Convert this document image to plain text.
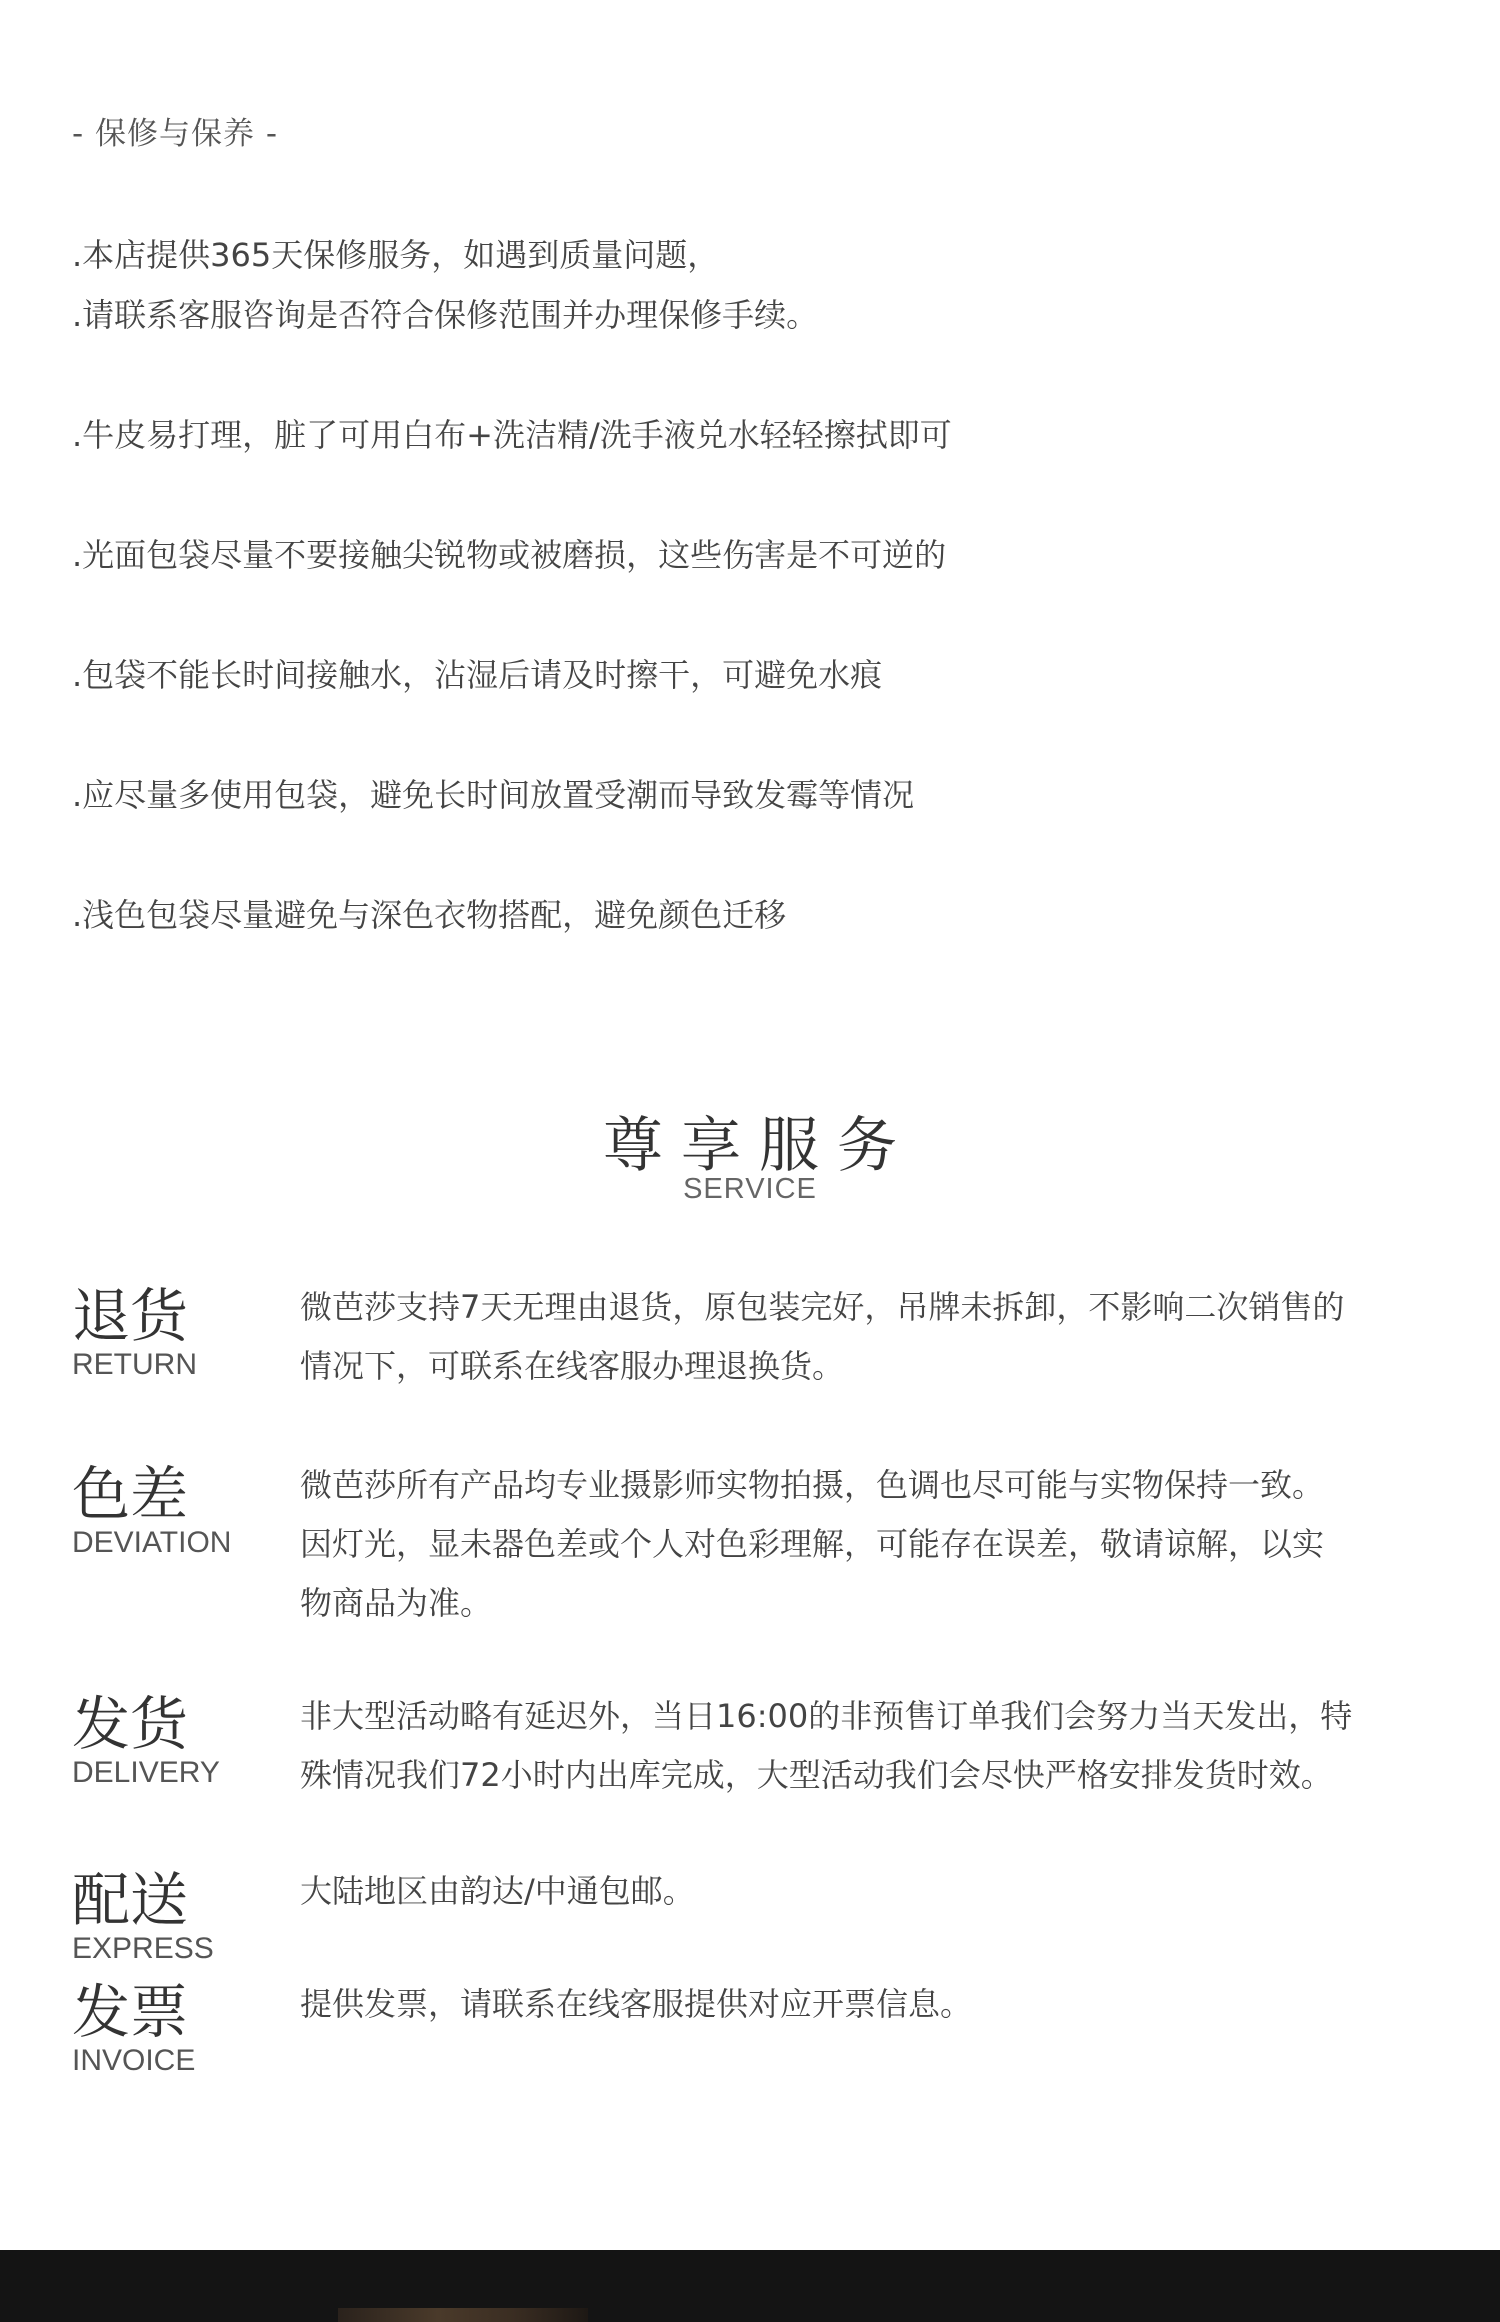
- 保修与保养 -
.本店提供365天保修服务，如遇到质量问题，
.请联系客服咨询是否符合保修范围并办理保修手续。
.牛皮易打理，脏了可用白布+洗洁精/洗手液兑水轻轻擦拭即可
.光面包袋尽量不要接触尖锐物或被磨损，这些伤害是不可逆的
.包袋不能长时间接触水，沾湿后请及时擦干，可避免水痕
.应尽量多使用包袋，避免长时间放置受潮而导致发霉等情况
.浅色包袋尽量避免与深色衣物搭配，避免颜色迁移
尊享服务
SERVICE
退货
RETURN
微芭莎支持7天无理由退货，原包装完好，吊牌未拆卸，不影响二次销售的
情况下，可联系在线客服办理退换货。
色差
DEVIATION
微芭莎所有产品均专业摄影师实物拍摄，色调也尽可能与实物保持一致。
因灯光，显未器色差或个人对色彩理解，可能存在误差，敬请谅解，以实
物商品为准。
发货
DELIVERY
非大型活动略有延迟外，当日16:00的非预售订单我们会努力当天发出，特
殊情况我们72小时内出库完成，大型活动我们会尽快严格安排发货时效。
配送
EXPRESS
大陆地区由韵达/中通包邮。
发票
INVOICE
提供发票，请联系在线客服提供对应开票信息。
